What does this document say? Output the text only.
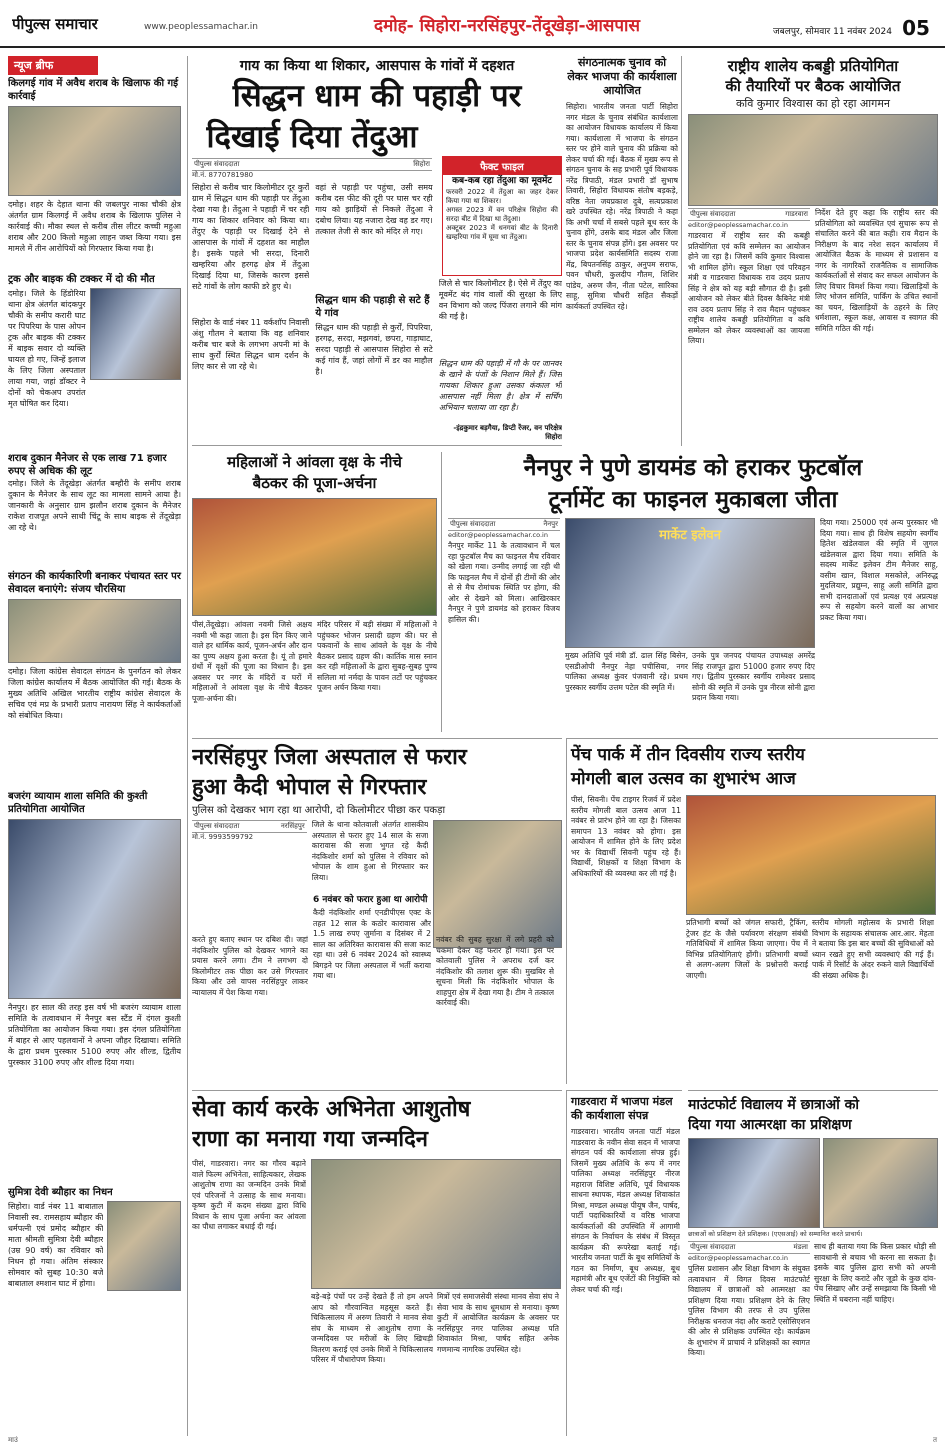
पीपुल्स समाचार	www.peoplessamachar.in	दमोह- सिहोरा-नरसिंहपुर-तेंदूखेड़ा-आसपास	जबलपुर, सोमवार 11 नवंबर 2024 05
न्यूज ब्रीफ
किलगई गांव में अवैध शराब के खिलाफ की गई कार्रवाई
दमोह। शहर के देहात थाना की जबलपुर नाका चौकी क्षेत्र अंतर्गत ग्राम किलगई में अवैध शराब के खिलाफ पुलिस ने कार्रवाई की। मौका स्थल से करीब तीस लीटर कच्ची महुआ शराब और 200 किलो महुआ लाहन जब्त किया गया। इस मामले में तीन आरोपियों को गिरफ्तार किया गया है।
ट्रक और बाइक की टक्कर में दो की मौत
दमोह। जिले के हिंडोरिया थाना क्षेत्र अंतर्गत बांदकपुर चौकी के समीप करारी घाट पर पिपरिया के पास ओपन ट्रक और बाइक की टक्कर में बाइक सवार दो व्यक्ति घायल हो गए, जिन्हें इलाज के लिए जिला अस्पताल लाया गया, जहां डॉक्टर ने दोनों को चेकअप उपरांत मृत घोषित कर दिया।
शराब दुकान मैनेजर से एक लाख 71 हजार रुपए से अधिक की लूट
दमोह। जिले के तेंदूखेड़ा अंतर्गत बम्हौरी के समीप शराब दुकान के मैनेजर के साथ लूट का मामला सामने आया है। जानकारी के अनुसार ग्राम झलौन शराब दुकान के मैनेजर राकेश राजपूत अपने साथी चिंटू के साथ बाइक से तेंदूखेड़ा आ रहे थे।
संगठन की कार्यकारिणी बनाकर पंचायत स्तर पर सेवादल बनाएंगे: संजय चौरसिया
दमोह। जिला कांग्रेस सेवादल संगठन के पुनर्गठन को लेकर जिला कांग्रेस कार्यालय में बैठक आयोजित की गई। बैठक के मुख्य अतिथि अखिल भारतीय राष्ट्रीय कांग्रेस सेवादल के सचिव एवं मप्र के प्रभारी प्रताप नारायण सिंह ने कार्यकर्ताओं को संबोधित किया।
बजरंग व्यायाम शाला समिति की कुश्ती प्रतियोगिता आयोजित
नैनपुर। हर साल की तरह इस वर्ष भी बजरंग व्यायाम शाला समिति के तत्वावधान में नैनपुर बस स्टैंड में दंगल कुश्ती प्रतियोगिता का आयोजन किया गया। इस दंगल प्रतियोगिता में बाहर से आए पहलवानों ने अपना जौहर दिखाया। समिति के द्वारा प्रथम पुरस्कार 5100 रुपए और शील्ड, द्वितीय पुरस्कार 3100 रुपए और शील्ड दिया गया।
सुमित्रा देवी ब्यौहार का निधन
सिहोरा। वार्ड नंबर 11 बाबाताल निवासी स्व. रामसहाय ब्यौहार की धर्मपत्नी एवं प्रमोद ब्यौहार की माता श्रीमती सुमित्रा देवी ब्यौहार (उम्र 90 वर्ष) का रविवार को निधन हो गया। अंतिम संस्कार सोमवार को सुबह 10:30 बजे बाबाताल श्मशान घाट में होगा।
गाय का किया था शिकार, आसपास के गांवों में दहशत
सिद्धन धाम की पहाड़ी पर
दिखाई दिया तेंदुआ
पीपुल्स संवाददाता	सिहोरा
मो.नं. 8770781980
सिहोरा से करीब चार किलोमीटर दूर कुर्रों ग्राम में सिद्धन धाम की पहाड़ी पर तेंदुआ देखा गया है। तेंदुआ ने पहाड़ी में चर रही गाय का शिकार शनिवार को किया था। तेंदुए के पहाड़ी पर दिखाई देने से आसपास के गांवों में दहशत का माहौल है। इसके पहले भी सरदा, दिनारी खम्हरिया और हरगढ़ क्षेत्र में तेंदुआ दिखाई दिया था, जिसके कारण इससे सटे गांवों के लोग काफी डरे हुए थे।
सिहोरा के वार्ड नंबर 11 वर्कशॉप निवासी अंशु गौतम ने बताया कि वह शनिवार करीब चार बजे के लगभग अपनी मां के साथ कुर्रों स्थित सिद्धन धाम दर्शन के लिए कार से जा रहे थे।
वहां से पहाड़ी पर पहुंचा, उसी समय करीब दस फीट की दूरी पर घास चर रही गाय को झाड़ियों से निकले तेंदुआ ने दबोच लिया। यह नजारा देख वह डर गए। तत्काल तेजी से कार को मंदिर ले गए।
सिद्धन धाम की पहाड़ी से सटे हैं ये गांव
सिद्धन धाम की पहाड़ी से कुर्रों, पिपरिया, हरगढ़, सरदा, मझगवां, छपरा, गाड़ाघाट, सरदा पहाड़ी से आसपास सिहोरा से सटे कई गांव हैं, जहां लोगों में डर का माहौल है।
जिले से चार किलोमीटर है। ऐसे में तेंदुए का मूवमेंट बंद गांव वालों की सुरक्षा के लिए वन विभाग को जल्द पिंजरा लगाने की मांग की गई है।
सिद्धन धाम की पहाड़ी में गौ के पर जानवर के खाने के पंजों के निशान मिले हैं। जिस गायका शिकार हुआ उसका कंकाल भी आसपास नहीं मिला है। क्षेत्र में सर्चिंग अभियान चलाया जा रहा है।
-इंद्रकुमार बड़गैया, डिप्टी रेंजर, वन परिक्षेत्र सिहोरा
फैक्ट फाइल
कब-कब रहा तेंदुआ का मूवमेंट
फरवरी 2022 में तेंदुआ का जहर देकर किया गया था शिकार।
अगस्त 2023 में वन परिक्षेत्र सिहोरा की सरदा बीट में दिखा था तेंदुआ।
अक्टूबर 2023 में धनगवां बीट के दिनारी खम्हरिया गांव में घूमा था तेंदुआ।
संगठनात्मक चुनाव को लेकर भाजपा की कार्यशाला आयोजित
सिहोरा। भारतीय जनता पार्टी सिहोरा नगर मंडल के चुनाव संबंधित कार्यशाला का आयोजन विधायक कार्यालय में किया गया। कार्यशाला में भाजपा के संगठन स्तर पर होने वाले चुनाव की प्रक्रिया को लेकर चर्चा की गई। बैठक में मुख्य रूप से संगठन चुनाव के सह प्रभारी पूर्व विधायक नरेंद्र त्रिपाठी, मंडल प्रभारी डॉ सुभाष तिवारी, सिहोरा विधायक संतोष बड़कड़े, वरिष्ठ नेता जयप्रकाश दुबे, सत्यप्रकाश खरे उपस्थित रहे। नरेंद्र त्रिपाठी ने कहा कि अभी चर्चा में सबसे पहले बूथ स्तर के चुनाव होंगे, उसके बाद मंडल और जिला स्तर के चुनाव संपन्न होंगे। इस अवसर पर भाजपा प्रदेश कार्यसमिति सदस्य राजा मेंद्र, बिपतनसिंह ठाकुर, अनुपम सराफ, पवन चौधरी, कुलदीप गौतम, शिशिर पांडेय, अरुण जैन, नीता पटेल, सारिका साहू, सुमित्रा चौधरी सहित सैकड़ों कार्यकर्ता उपस्थित रहे।
राष्ट्रीय शालेय कबड्डी प्रतियोगिता
की तैयारियों पर बैठक आयोजित
कवि कुमार विश्वास का हो रहा आगमन
पीपुल्स संवाददाता	गाडरवारा
editor@peoplessamachar.co.in
गाडरवारा में राष्ट्रीय स्तर की कबड्डी प्रतियोगिता एवं कवि सम्मेलन का आयोजन होने जा रहा है। जिसमें कवि कुमार विश्वास भी शामिल होंगे। स्कूल शिक्षा एवं परिवहन मंत्री व गाडरवारा विधायक राव उदय प्रताप सिंह ने क्षेत्र को यह बड़ी सौगात दी है। इसी आयोजन को लेकर बीते दिवस कैबिनेट मंत्री राव उदय प्रताप सिंह ने राव मैदान पहुंचकर राष्ट्रीय शालेय कबड्डी प्रतियोगिता व कवि सम्मेलन को लेकर व्यवस्थाओं का जायजा लिया।
निर्देश देते हुए कहा कि राष्ट्रीय स्तर की प्रतियोगिता को व्यवस्थित एवं सुचारू रूप से संचालित करने की बात कही। राव मैदान के निरीक्षण के बाद नरेश सदन कार्यालय में आयोजित बैठक के माध्यम से प्रशासन व नगर के नागरिकों राजनैतिक व सामाजिक कार्यकर्ताओं से संवाद कर सफल आयोजन के लिए विचार विमर्श किया गया। खिलाड़ियों के लिए भोजन समिति, पार्किंग के उचित स्थानों का चयन, खिलाड़ियों के ठहरने के लिए धर्मशाला, स्कूल कक्ष, आवास व स्वागत की समिति गठित की गई।
महिलाओं ने आंवला वृक्ष के नीचे
बैठकर की पूजा-अर्चना
पीसं,तेंदूखेड़ा। आंवला नवमी जिसे अक्षय नवमी भी कहा जाता है। इस दिन किए जाने वाले हर धार्मिक कार्य, पूजन-अर्चन और दान का पुण्य अक्षय हुआ करता है। यूं तो हमारे ग्रंथों में वृक्षों की पूजा का विधान है। इस अवसर पर नगर के मंदिरों व घरों में महिलाओं ने आंवला वृक्ष के नीचे बैठकर पूजा-अर्चना की।
मंदिर परिसर में बड़ी संख्या में महिलाओं ने पहुंचकर भोजन प्रसादी ग्रहण की। घर से पकवानों के साथ आंवले के वृक्ष के नीचे बैठकर प्रसाद ग्रहण की। कार्तिक मास स्नान कर रही महिलाओं के द्वारा सुबह-सुबह पुण्य सलिला मां नर्मदा के पावन तटों पर पहुंचकर पूजन अर्चन किया गया।
नैनपुर ने पुणे डायमंड को हराकर फुटबॉल
टूर्नामेंट का फाइनल मुकाबला जीता
पीपुल्स संवाददाता	नैनपुर
editor@peoplessamachar.co.in
नैनपुर मार्केट 11 के तत्वावधान में चल रहा फुटबॉल मैच का फाइनल मैच रविवार को खेला गया। उन्मीद लगाई जा रही थी कि फाइनल मैच में दोनों ही टीमों की ओर से से मैच रोमांचक स्थिति पर होगा, की ओर से देखने को मिला। आखिरकार नैनपुर ने पुणे डायमंड को हराकर विजय हासिल की।
मार्केट इलेवन
मुख्य अतिथि पूर्व मंत्री डॉ. ढाल सिंह बिसेन, एसडीओपी नैनपुर नेहा पचीसिया, नगर पालिका अध्यक्ष कुंवर पंजवानी रहे। प्रथम पुरस्कार स्वर्गीय उत्तम पटेल की स्मृति में।
उनके पुत्र जनपद पंचायत उपाध्यक्ष अमरेंद्र सिंह राजपूत द्वारा 51000 हजार रुपए दिए गए। द्वितीय पुरस्कार स्वर्गीय रामेश्वर प्रसाद सोनी की स्मृति में उनके पुत्र नीरज सोनी द्वारा प्रदान किया गया।
दिया गया। 25000 एवं अन्य पुरस्कार भी दिया गया। साथ ही विशेष सहयोग स्वर्गीय हितेश खंडेलवाल की स्मृति में जुगल खंडेलवाल द्वारा दिया गया। समिति के सदस्य मार्केट इलेवन टीम मैनेजर साहू, वसीम खान, विशाल मसकोले, अनिरुद्ध मुदलियार, प्रद्युम्न, साहू अली समिति द्वारा सभी दानदाताओं एवं प्रत्यक्ष एवं अप्रत्यक्ष रूप से सहयोग करने वालों का आभार प्रकट किया गया।
नरसिंहपुर जिला अस्पताल से फरार
हुआ कैदी भोपाल से गिरफ्तार
पुलिस को देखकर भाग रहा था आरोपी, दो किलोमीटर पीछा कर पकड़ा
पीपुल्स संवाददाता	नरसिंहपुर
मो.नं. 9993599792
जिले के थाना कोतवाली अंतर्गत शासकीय अस्पताल से फरार हुए 14 साल के सजा कारावास की सजा भुगत रहे कैदी नंदकिशोर शर्मा को पुलिस ने रविवार को भोपाल के शाम हुआ से गिरफ्तार कर लिया।
6 नवंबर को फरार हुआ था आरोपी
कैदी नंदकिशोर शर्मा एनडीपीएस एक्ट के तहत 12 साल के कठोर कारावास और 1.5 लाख रुपए जुर्माना व दिसंबर में 2 साल का अतिरिक्त कारावास की सजा काट रहा था। उसे 6 नवंबर 2024 को स्वास्थ्य बिगड़ने पर जिला अस्पताल में भर्ती कराया गया था।
नवंबर की सुबह सुरक्षा में लगे प्रहरी को चकमा देकर वह फरार हो गया। इस पर कोतवाली पुलिस ने अपराध दर्ज कर नंदकिशोर की तलाश शुरू की। मुखबिर से सूचना मिली कि नंदकिशोर भोपाल के शाहपुरा क्षेत्र में देखा गया है। टीम ने तत्काल कार्रवाई की।
करते हुए बताए स्थान पर दबिश दी। जहां नंदकिशोर पुलिस को देखकर भागने का प्रयास करने लगा। टीम ने लगभग दो किलोमीटर तक पीछा कर उसे गिरफ्तार किया और उसे वापस नरसिंहपुर लाकर न्यायालय में पेश किया गया।
पेंच पार्क में तीन दिवसीय राज्य स्तरीय
मोगली बाल उत्सव का शुभारंभ आज
पीसं, सिवनी। पेंच टाइगर रिजर्व में प्रदेश स्तरीय मोगली बाल उत्सव आज 11 नवंबर से प्रारंभ होने जा रहा है। जिसका समापन 13 नवंबर को होगा। इस आयोजन में शामिल होने के लिए प्रदेश भर के विद्यार्थी सिवनी पहुंच रहे हैं। विद्यार्थी, शिक्षकों व शिक्षा विभाग के अधिकारियों की व्यवस्था कर ली गई है।
प्रतिभागी बच्चों को जंगल सफारी, ट्रैकिंग, ट्रेजर हंट के जैसे पर्यावरण संरक्षण संबंधी गतिविधियों में शामिल किया जाएगा। पेंच में विभिन्न प्रतियोगिताएं होंगी। प्रतिभागी बच्चों से अलग-अलग जिलों के प्रश्नोत्तरी कराई जाएगी।
स्तरीय मोगली महोत्सव के प्रभारी शिक्षा विभाग के सहायक संचालक आर.आर. मेहता ने बताया कि इस बार बच्चों की सुविधाओं को ध्यान रखते हुए सभी व्यवस्थाएं की गई हैं। पार्क में रिसॉर्ट के अंदर रुकने वाले विद्यार्थियों की संख्या अधिक है।
सेवा कार्य करके अभिनेता आशुतोष
राणा का मनाया गया जन्मदिन
पीसं, गाडरवारा। नगर का गौरव बढ़ाने वाले फिल्म अभिनेता, साहित्यकार, लेखक आशुतोष राणा का जन्मदिन उनके मित्रों एवं परिजनों ने उत्साह के साथ मनाया। कृष्ण कुटी में कदम संख्या द्वारा विधि विधान के साथ पूजा अर्चना कर आंवला का पौधा लगाकर बधाई दी गई।
बड़े-बड़े पंचों पर उन्हें देखते हैं तो हम अपने आप को गौरवान्वित महसूस करते हैं। चिकित्सालय में अरुण तिवारी ने मानव सेवा संघ के माध्यम से आशुतोष राणा के जन्मदिवस पर मरीजों के लिए खिचड़ी वितरण कराई एवं उनके मित्रों ने चिकित्सालय परिसर में पौधारोपण किया।
मित्रों एवं समाजसेवी संस्था मानव सेवा संघ ने सेवा भाव के साथ धूमधाम से मनाया। कृष्ण कुटी में आयोजित कार्यक्रम के अवसर पर नरसिंहपुर नगर पालिका अध्यक्ष पति शिवाकांत मिश्रा, पार्षद सहित अनेक गणमान्य नागरिक उपस्थित रहे।
गाडरवारा में भाजपा मंडल की कार्यशाला संपन्न
गाडरवारा। भारतीय जनता पार्टी मंडल गाडरवारा के नवीन सेवा सदन में भाजपा संगठन पर्व की कार्यशाला संपन्न हुई। जिसमें मुख्य अतिथि के रूप में नगर पालिका अध्यक्ष नरसिंहपुर नीरज महाराज विशिष्ट अतिथि, पूर्व विधायक साधना स्थापक, मंडल अध्यक्ष शिवाकांत मिश्रा, मण्डल अध्यक्ष पीयूष जैन, पार्षद, पार्टी पदाधिकारियों व वरिष्ठ भाजपा कार्यकर्ताओं की उपस्थिति में आगामी संगठन के निर्वाचन के संबंध में विस्तृत कार्यक्रम की रूपरेखा बताई गई। भारतीय जनता पार्टी के बूथ समितियों के गठन का निर्माण, बूथ अध्यक्ष, बूथ महामंत्री और बूथ एजेंटों की नियुक्ति को लेकर चर्चा की गई।
माउंटफोर्ट विद्यालय में छात्राओं को
दिया गया आत्मरक्षा का प्रशिक्षण
छात्राओं को प्रशिक्षण देते प्रशिक्षक। (एएसआई) को सम्मानित करते प्राचार्य।
पीपुल्स संवाददाता	मंडला
editor@peoplessamachar.co.in
पुलिस प्रशासन और शिक्षा विभाग के संयुक्त तत्वावधान में विगत दिवस माउंटफोर्ट विद्यालय में छात्राओं को आत्मरक्षा का प्रशिक्षण दिया गया। प्रशिक्षण देने के लिए पुलिस विभाग की तरफ से उप पुलिस निरीक्षक धनराज नंदा और कराटे एसोसिएशन की ओर से प्रशिक्षक उपस्थित रहे। कार्यक्रम के शुभारंभ में प्राचार्य ने प्रशिक्षकों का स्वागत किया।
साथ ही बताया गया कि किस प्रकार थोड़ी सी सावधानी से बचाव भी करना सा सकता है। इसके बाद पुलिस द्वारा सभी को अपनी सुरक्षा के लिए कराटे और जूडो के कुछ दांव-पेंच सिखाए और उन्हें समझाया कि किसी भी स्थिति में घबराना नहीं चाहिए।
माउं	त
